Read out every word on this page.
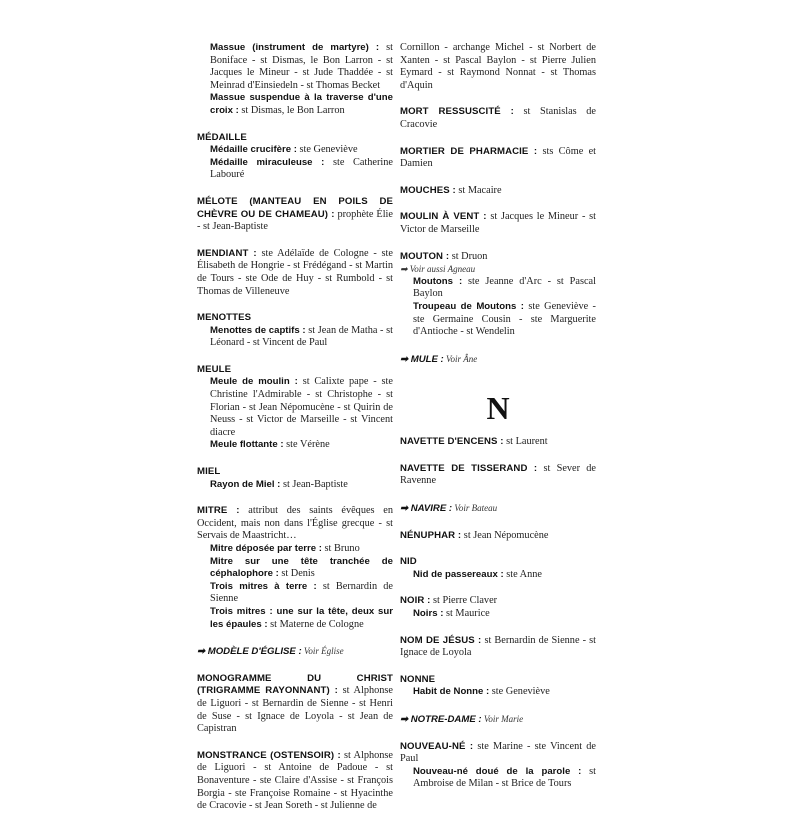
Massue (instrument de martyre) : st Boniface - st Dismas, le Bon Larron - st Jacques le Mineur - st Jude Thaddée - st Meinrad d'Einsiedeln - st Thomas Becket
Massue suspendue à la traverse d'une croix : st Dismas, le Bon Larron
MÉDAILLE
Médaille crucifère : ste Geneviève
Médaille miraculeuse : ste Catherine Labouré
MÉLOTE (MANTEAU EN POILS DE CHÈVRE OU DE CHAMEAU) : prophète Élie - st Jean-Baptiste
MENDIANT : ste Adélaïde de Cologne - ste Élisabeth de Hongrie - st Frédégand - st Martin de Tours - ste Ode de Huy - st Rumbold - st Thomas de Villeneuve
MENOTTES
Menottes de captifs : st Jean de Matha - st Léonard - st Vincent de Paul
MEULE
Meule de moulin : st Calixte pape - ste Christine l'Admirable - st Christophe - st Florian - st Jean Népomucène - st Quirin de Neuss - st Victor de Marseille - st Vincent diacre
Meule flottante : ste Vérène
MIEL
Rayon de Miel : st Jean-Baptiste
MITRE : attribut des saints évêques en Occident, mais non dans l'Église grecque - st Servais de Maastricht…
Mitre déposée par terre : st Bruno
Mitre sur une tête tranchée de céphalophore : st Denis
Trois mitres à terre : st Bernardin de Sienne
Trois mitres : une sur la tête, deux sur les épaules : st Materne de Cologne
➡ MODÈLE D'ÉGLISE : Voir Église
MONOGRAMME DU CHRIST (TRIGRAMME RAYONNANT) : st Alphonse de Liguori - st Bernardin de Sienne - st Henri de Suse - st Ignace de Loyola - st Jean de Capistran
MONSTRANCE (OSTENSOIR) : st Alphonse de Liguori - st Antoine de Padoue - st Bonaventure - ste Claire d'Assise - st François Borgia - ste Françoise Romaine - st Hyacinthe de Cracovie - st Jean Soreth - st Julienne de
Cornillon - archange Michel - st Norbert de Xanten - st Pascal Baylon - st Pierre Julien Eymard - st Raymond Nonnat - st Thomas d'Aquin
MORT RESSUSCITÉ : st Stanislas de Cracovie
MORTIER DE PHARMACIE : sts Côme et Damien
MOUCHES : st Macaire
MOULIN À VENT : st Jacques le Mineur - st Victor de Marseille
MOUTON : st Druon
➡ Voir aussi Agneau
Moutons : ste Jeanne d'Arc - st Pascal Baylon
Troupeau de Moutons : ste Geneviève - ste Germaine Cousin - ste Marguerite d'Antioche - st Wendelin
➡ MULE : Voir Âne
N
NAVETTE D'ENCENS : st Laurent
NAVETTE DE TISSERAND : st Sever de Ravenne
➡ NAVIRE : Voir Bateau
NÉNUPHAR : st Jean Népomucène
NID
Nid de passereaux : ste Anne
NOIR : st Pierre Claver
Noirs : st Maurice
NOM DE JÉSUS : st Bernardin de Sienne - st Ignace de Loyola
NONNE
Habit de Nonne : ste Geneviève
➡ NOTRE-DAME : Voir Marie
NOUVEAU-NÉ : ste Marine - ste Vincent de Paul
Nouveau-né doué de la parole : st Ambroise de Milan - st Brice de Tours
